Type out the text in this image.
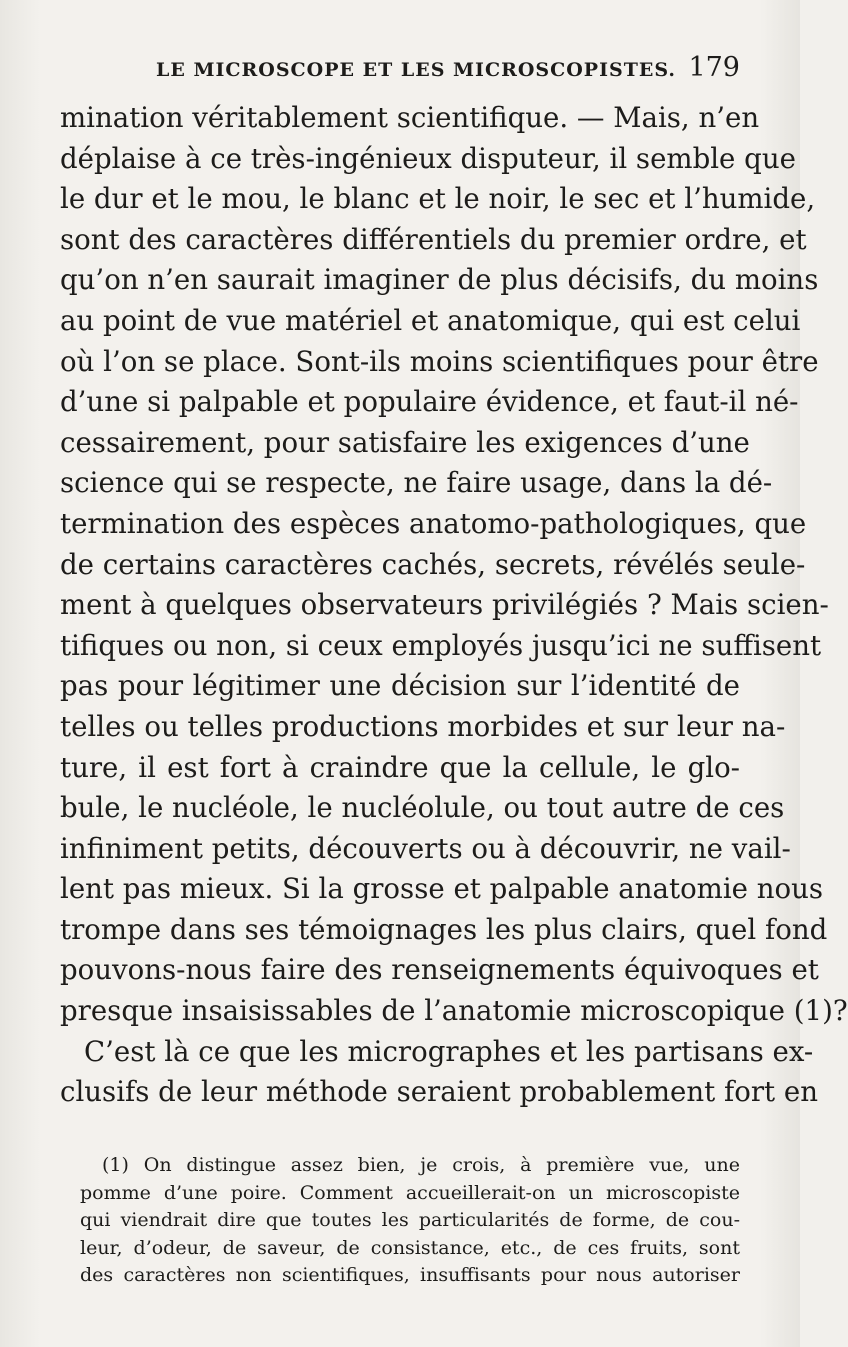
LE MICROSCOPE ET LES MICROSCOPISTES. 179
mination véritablement scientifique. — Mais, n’en
déplaise à ce très-ingénieux disputeur, il semble que
le dur et le mou, le blanc et le noir, le sec et l’humide,
sont des caractères différentiels du premier ordre, et
qu’on n’en saurait imaginer de plus décisifs, du moins
au point de vue matériel et anatomique, qui est celui
où l’on se place. Sont-ils moins scientifiques pour être
d’une si palpable et populaire évidence, et faut-il né-
cessairement, pour satisfaire les exigences d’une
science qui se respecte, ne faire usage, dans la dé-
termination des espèces anatomo-pathologiques, que
de certains caractères cachés, secrets, révélés seule-
ment à quelques observateurs privilégiés ? Mais scien-
tifiques ou non, si ceux employés jusqu’ici ne suffisent
pas pour légitimer une décision sur l’identité de
telles ou telles productions morbides et sur leur na-
ture, il est fort à craindre que la cellule, le glo-
bule, le nucléole, le nucléolule, ou tout autre de ces
infiniment petits, découverts ou à découvrir, ne vail-
lent pas mieux. Si la grosse et palpable anatomie nous
trompe dans ses témoignages les plus clairs, quel fond
pouvons-nous faire des renseignements équivoques et
presque insaisissables de l’anatomie microscopique (1)?
C’est là ce que les micrographes et les partisans ex-
clusifs de leur méthode seraient probablement fort en
(1) On distingue assez bien, je crois, à première vue, une
pomme d’une poire. Comment accueillerait-on un microscopiste
qui viendrait dire que toutes les particularités de forme, de cou-
leur, d’odeur, de saveur, de consistance, etc., de ces fruits, sont
des caractères non scientifiques, insuffisants pour nous autoriser
